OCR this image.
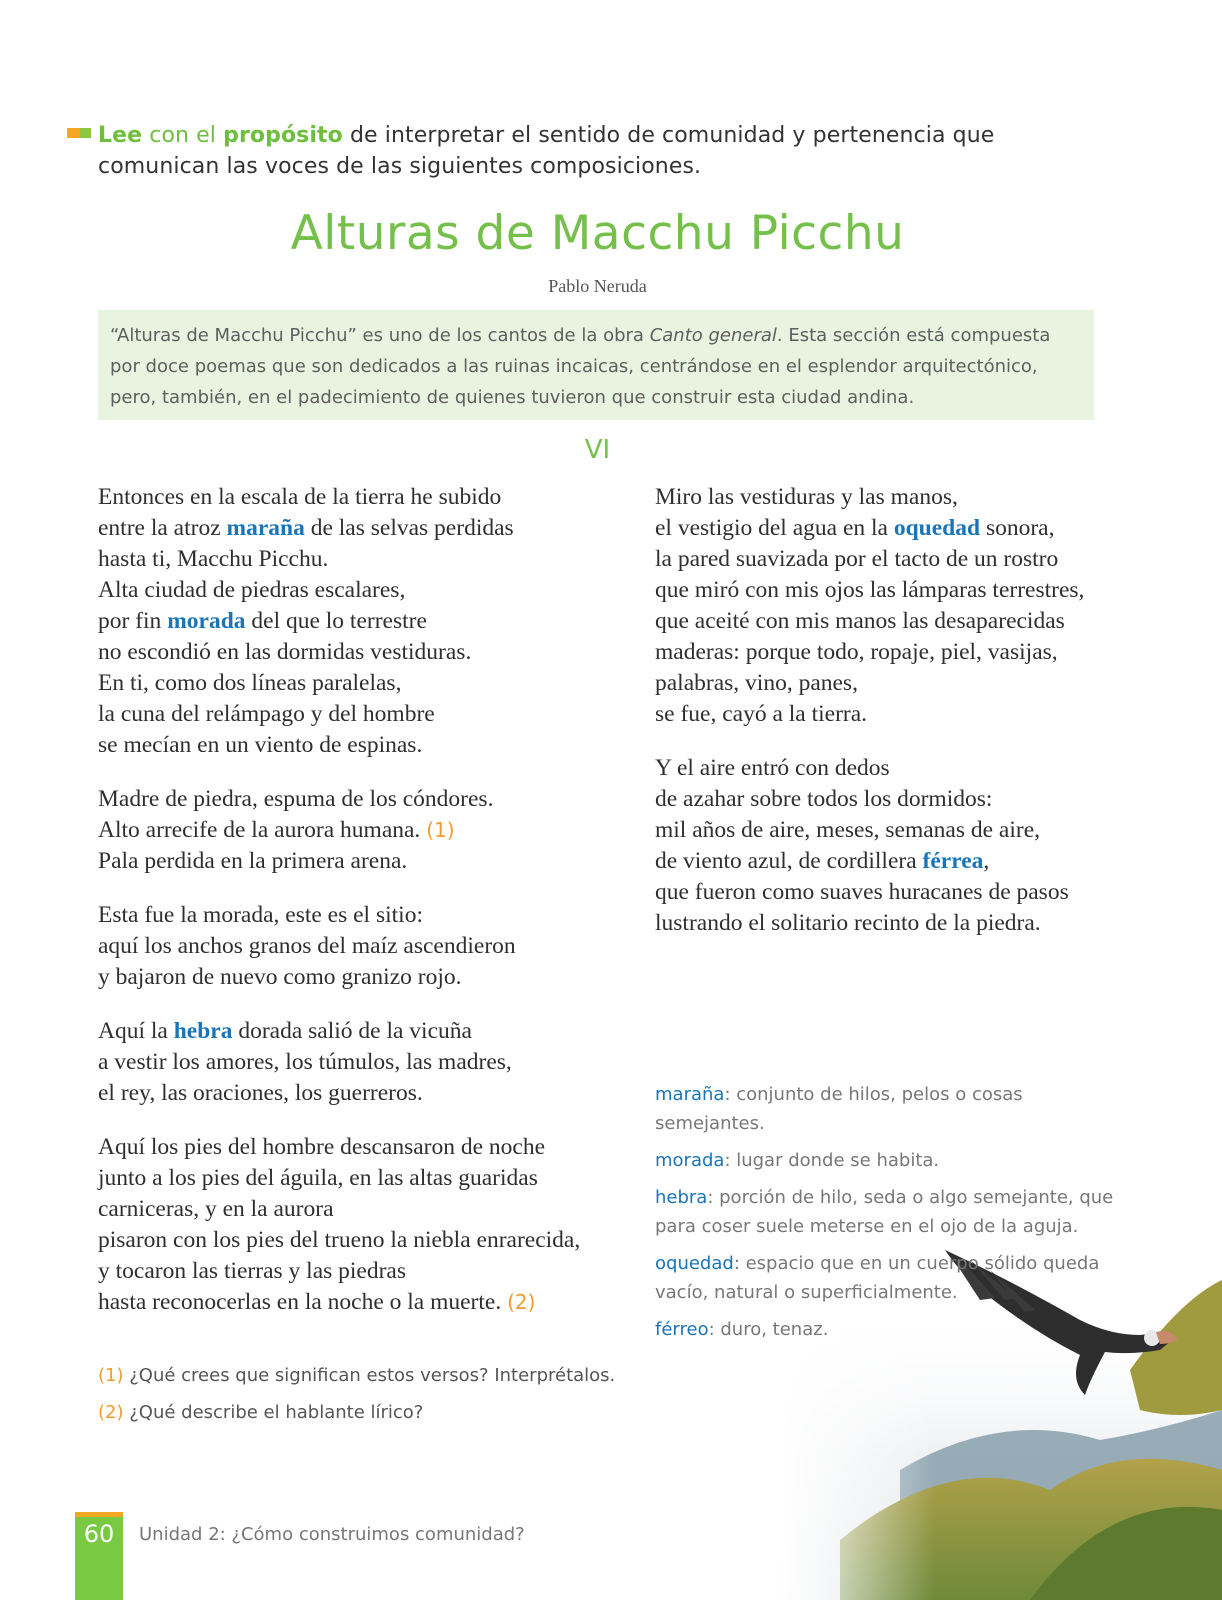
Lee con el propósito de interpretar el sentido de comunidad y pertenencia que
comunican las voces de las siguientes composiciones.
Alturas de Macchu Picchu
Pablo Neruda
“Alturas de Macchu Picchu” es uno de los cantos de la obra Canto general. Esta sección está compuesta por doce poemas que son dedicados a las ruinas incaicas, centrándose en el esplendor arquitectónico, pero, también, en el padecimiento de quienes tuvieron que construir esta ciudad andina.
VI
Entonces en la escala de la tierra he subido
entre la atroz maraña de las selvas perdidas
hasta ti, Macchu Picchu.
Alta ciudad de piedras escalares,
por fin morada del que lo terrestre
no escondió en las dormidas vestiduras.
En ti, como dos líneas paralelas,
la cuna del relámpago y del hombre
se mecían en un viento de espinas.
Madre de piedra, espuma de los cóndores.
Alto arrecife de la aurora humana. (1)
Pala perdida en la primera arena.
Esta fue la morada, este es el sitio:
aquí los anchos granos del maíz ascendieron
y bajaron de nuevo como granizo rojo.
Aquí la hebra dorada salió de la vicuña
a vestir los amores, los túmulos, las madres,
el rey, las oraciones, los guerreros.
Aquí los pies del hombre descansaron de noche
junto a los pies del águila, en las altas guaridas
carniceras, y en la aurora
pisaron con los pies del trueno la niebla enrarecida,
y tocaron las tierras y las piedras
hasta reconocerlas en la noche o la muerte. (2)
Miro las vestiduras y las manos,
el vestigio del agua en la oquedad sonora,
la pared suavizada por el tacto de un rostro
que miró con mis ojos las lámparas terrestres,
que aceité con mis manos las desaparecidas
maderas: porque todo, ropaje, piel, vasijas,
palabras, vino, panes,
se fue, cayó a la tierra.
Y el aire entró con dedos
de azahar sobre todos los dormidos:
mil años de aire, meses, semanas de aire,
de viento azul, de cordillera férrea,
que fueron como suaves huracanes de pasos
lustrando el solitario recinto de la piedra.
maraña: conjunto de hilos, pelos o cosas semejantes.
morada: lugar donde se habita.
hebra: porción de hilo, seda o algo semejante, que para coser suele meterse en el ojo de la aguja.
oquedad: espacio que en un cuerpo sólido queda vacío, natural o superficialmente.
férreo: duro, tenaz.
(1) ¿Qué crees que significan estos versos? Interprétalos.
(2) ¿Qué describe el hablante lírico?
60	Unidad 2: ¿Cómo construimos comunidad?
